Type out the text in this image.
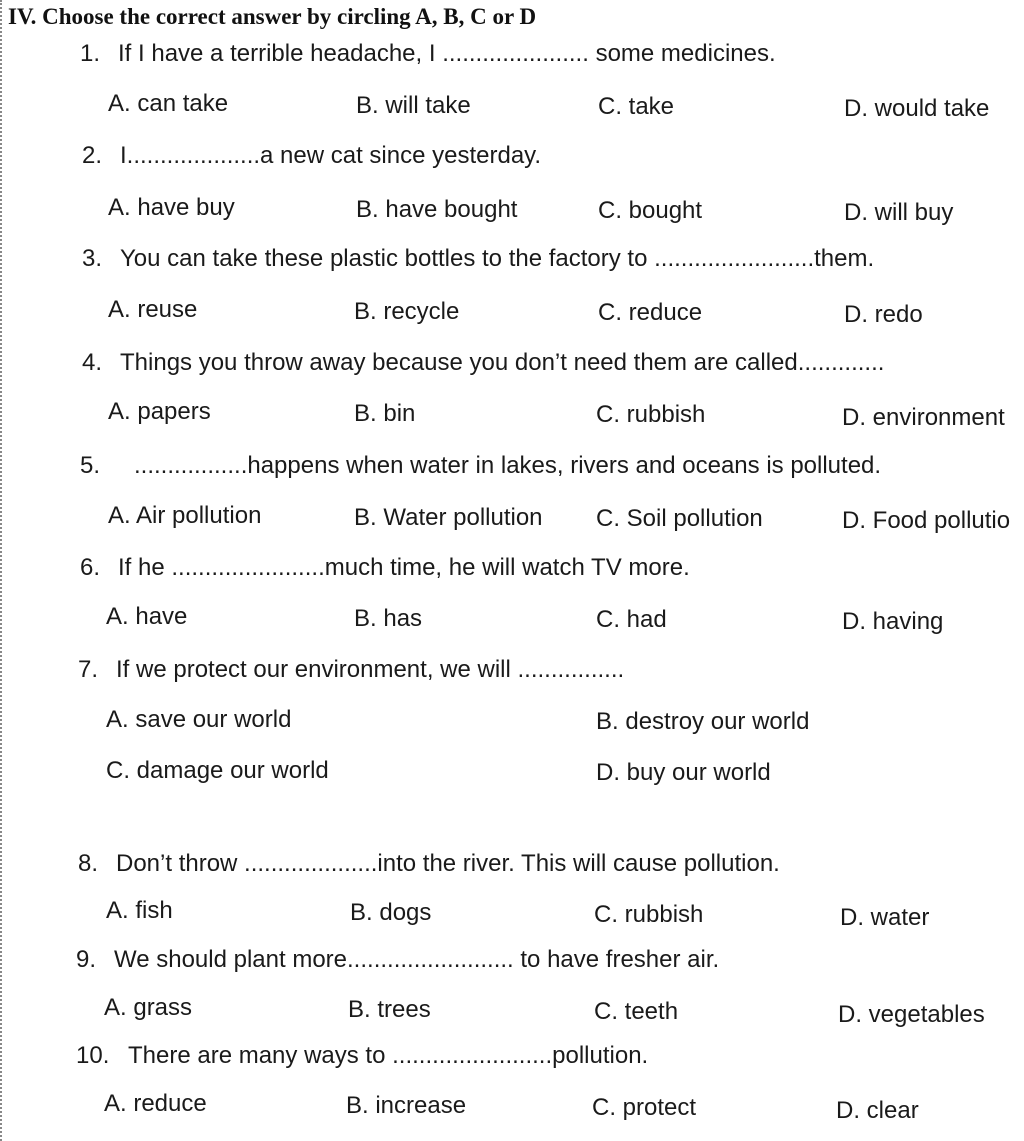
IV. Choose the correct answer by circling A, B, C or D
1. If I have a terrible headache, I ...................... some medicines.
A. can take	B. will take	C. take	D. would take
2. I....................a new cat since yesterday.
A. have buy	B. have bought	C. bought	D. will buy
3. You can take these plastic bottles to the factory to ........................them.
A. reuse	B. recycle	C. reduce	D. redo
4. Things you throw away because you don’t need them are called.............
A. papers	B. bin	C. rubbish	D. environment
5. .................happens when water in lakes, rivers and oceans is polluted.
A. Air pollution	B. Water pollution C. Soil pollution	D. Food pollutio
6. If he .......................much time, he will watch TV more.
A. have	B. has	C. had	D. having
7. If we protect our environment, we will ................
A. save our world	B. destroy our world
C. damage our world	D. buy our world
8. Don’t throw ....................into the river. This will cause pollution.
A. fish	B. dogs	C. rubbish	D. water
9. We should plant more......................... to have fresher air.
A. grass	B. trees	C. teeth	D. vegetables
10. There are many ways to ........................pollution.
A. reduce	B. increase	C. protect	D. clear
